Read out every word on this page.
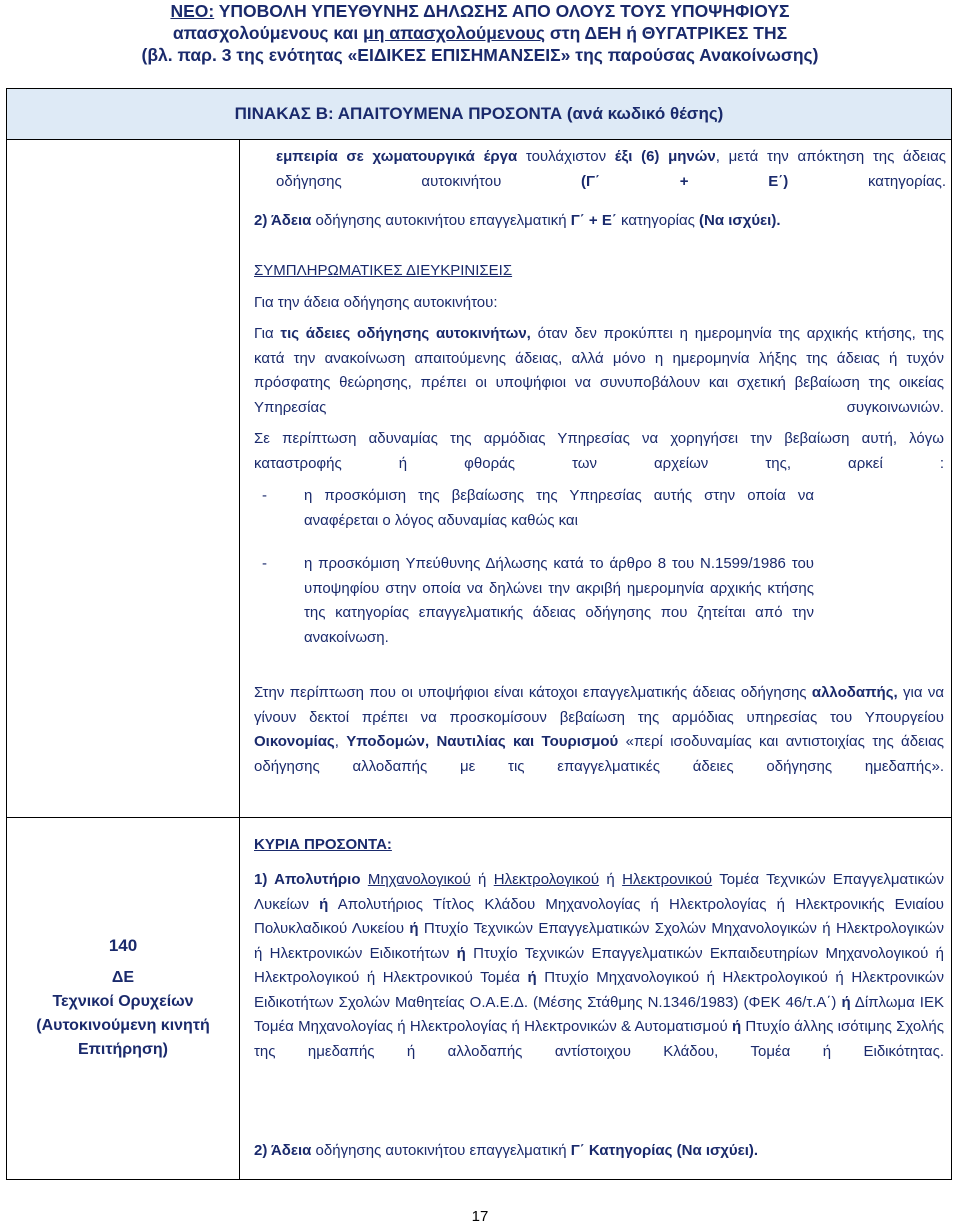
ΝΕΟ: ΥΠΟΒΟΛΗ ΥΠΕΥΘΥΝΗΣ ΔΗΛΩΣΗΣ ΑΠΟ ΟΛΟΥΣ ΤΟΥΣ ΥΠΟΨΗΦΙΟΥΣ
απασχολούμενους και μη απασχολούμενους στη ΔΕΗ ή ΘΥΓΑΤΡΙΚΕΣ ΤΗΣ
(βλ. παρ. 3 της ενότητας «ΕΙΔΙΚΕΣ ΕΠΙΣΗΜΑΝΣΕΙΣ» της παρούσας Ανακοίνωσης)
ΠΙΝΑΚΑΣ Β: ΑΠΑΙΤΟΥΜΕΝΑ ΠΡΟΣΟΝΤΑ (ανά κωδικό θέσης)
140
ΔΕ
Τεχνικοί Ορυχείων
(Αυτοκινούμενη κινητή
Επιτήρηση)

εμπειρία σε χωματουργικά έργα τουλάχιστον έξι (6) μηνών, μετά την απόκτηση της άδειας οδήγησης αυτοκινήτου (Γ΄ + Ε΄) κατηγορίας.

2) Άδεια οδήγησης αυτοκινήτου επαγγελματική Γ΄ + Ε΄ κατηγορίας (Να ισχύει).

ΣΥΜΠΛΗΡΩΜΑΤΙΚΕΣ ΔΙΕΥΚΡΙΝΙΣΕΙΣ

Για την άδεια οδήγησης αυτοκινήτου:

Για τις άδειες οδήγησης αυτοκινήτων, όταν δεν προκύπτει η ημερομηνία της αρχικής κτήσης, της κατά την ανακοίνωση απαιτούμενης άδειας, αλλά μόνο η ημερομηνία λήξης της άδειας ή τυχόν πρόσφατης θεώρησης, πρέπει οι υποψήφιοι να συνυποβάλουν και σχετική βεβαίωση της οικείας Υπηρεσίας συγκοινωνιών.

Σε περίπτωση αδυναμίας της αρμόδιας Υπηρεσίας να χορηγήσει την βεβαίωση αυτή, λόγω καταστροφής ή φθοράς των αρχείων της, αρκεί :

- η προσκόμιση της βεβαίωσης της Υπηρεσίας αυτής στην οποία να αναφέρεται ο λόγος αδυναμίας καθώς και
- η προσκόμιση Υπεύθυνης Δήλωσης κατά το άρθρο 8 του Ν.1599/1986 του υποψηφίου στην οποία να δηλώνει την ακριβή ημερομηνία αρχικής κτήσης της κατηγορίας επαγγελματικής άδειας οδήγησης που ζητείται από την ανακοίνωση.

Στην περίπτωση που οι υποψήφιοι είναι κάτοχοι επαγγελματικής άδειας οδήγησης αλλοδαπής, για να γίνουν δεκτοί πρέπει να προσκομίσουν βεβαίωση της αρμόδιας υπηρεσίας του Υπουργείου Οικονομίας, Υποδομών, Ναυτιλίας και Τουρισμού «περί ισοδυναμίας και αντιστοιχίας της άδειας οδήγησης αλλοδαπής με τις επαγγελματικές άδειες οδήγησης ημεδαπής».

ΚΥΡΙΑ ΠΡΟΣΟΝΤΑ:

1) Απολυτήριο Μηχανολογικού ή Ηλεκτρολογικού ή Ηλεκτρονικού Τομέα Τεχνικών Επαγγελματικών Λυκείων ή Απολυτήριος Τίτλος Κλάδου Μηχανολογίας ή Ηλεκτρολογίας ή Ηλεκτρονικής Ενιαίου Πολυκλαδικού Λυκείου ή Πτυχίο Τεχνικών Επαγγελματικών Σχολών Μηχανολογικών ή Ηλεκτρολογικών ή Ηλεκτρονικών Ειδικοτήτων ή Πτυχίο Τεχνικών Επαγγελματικών Εκπαιδευτηρίων Μηχανολογικού ή Ηλεκτρολογικού ή Ηλεκτρονικού Τομέα ή Πτυχίο Μηχανολογικού ή Ηλεκτρολογικού ή Ηλεκτρονικών Ειδικοτήτων Σχολών Μαθητείας Ο.Α.Ε.Δ. (Μέσης Στάθμης Ν.1346/1983) (ΦΕΚ 46/τ.Α΄) ή Δίπλωμα ΙΕΚ Τομέα Μηχανολογίας ή Ηλεκτρολογίας ή Ηλεκτρονικών & Αυτοματισμού ή Πτυχίο άλλης ισότιμης Σχολής της ημεδαπής ή αλλοδαπής αντίστοιχου Κλάδου, Τομέα ή Ειδικότητας.

2) Άδεια οδήγησης αυτοκινήτου επαγγελματική Γ΄ Κατηγορίας (Να ισχύει).

17
